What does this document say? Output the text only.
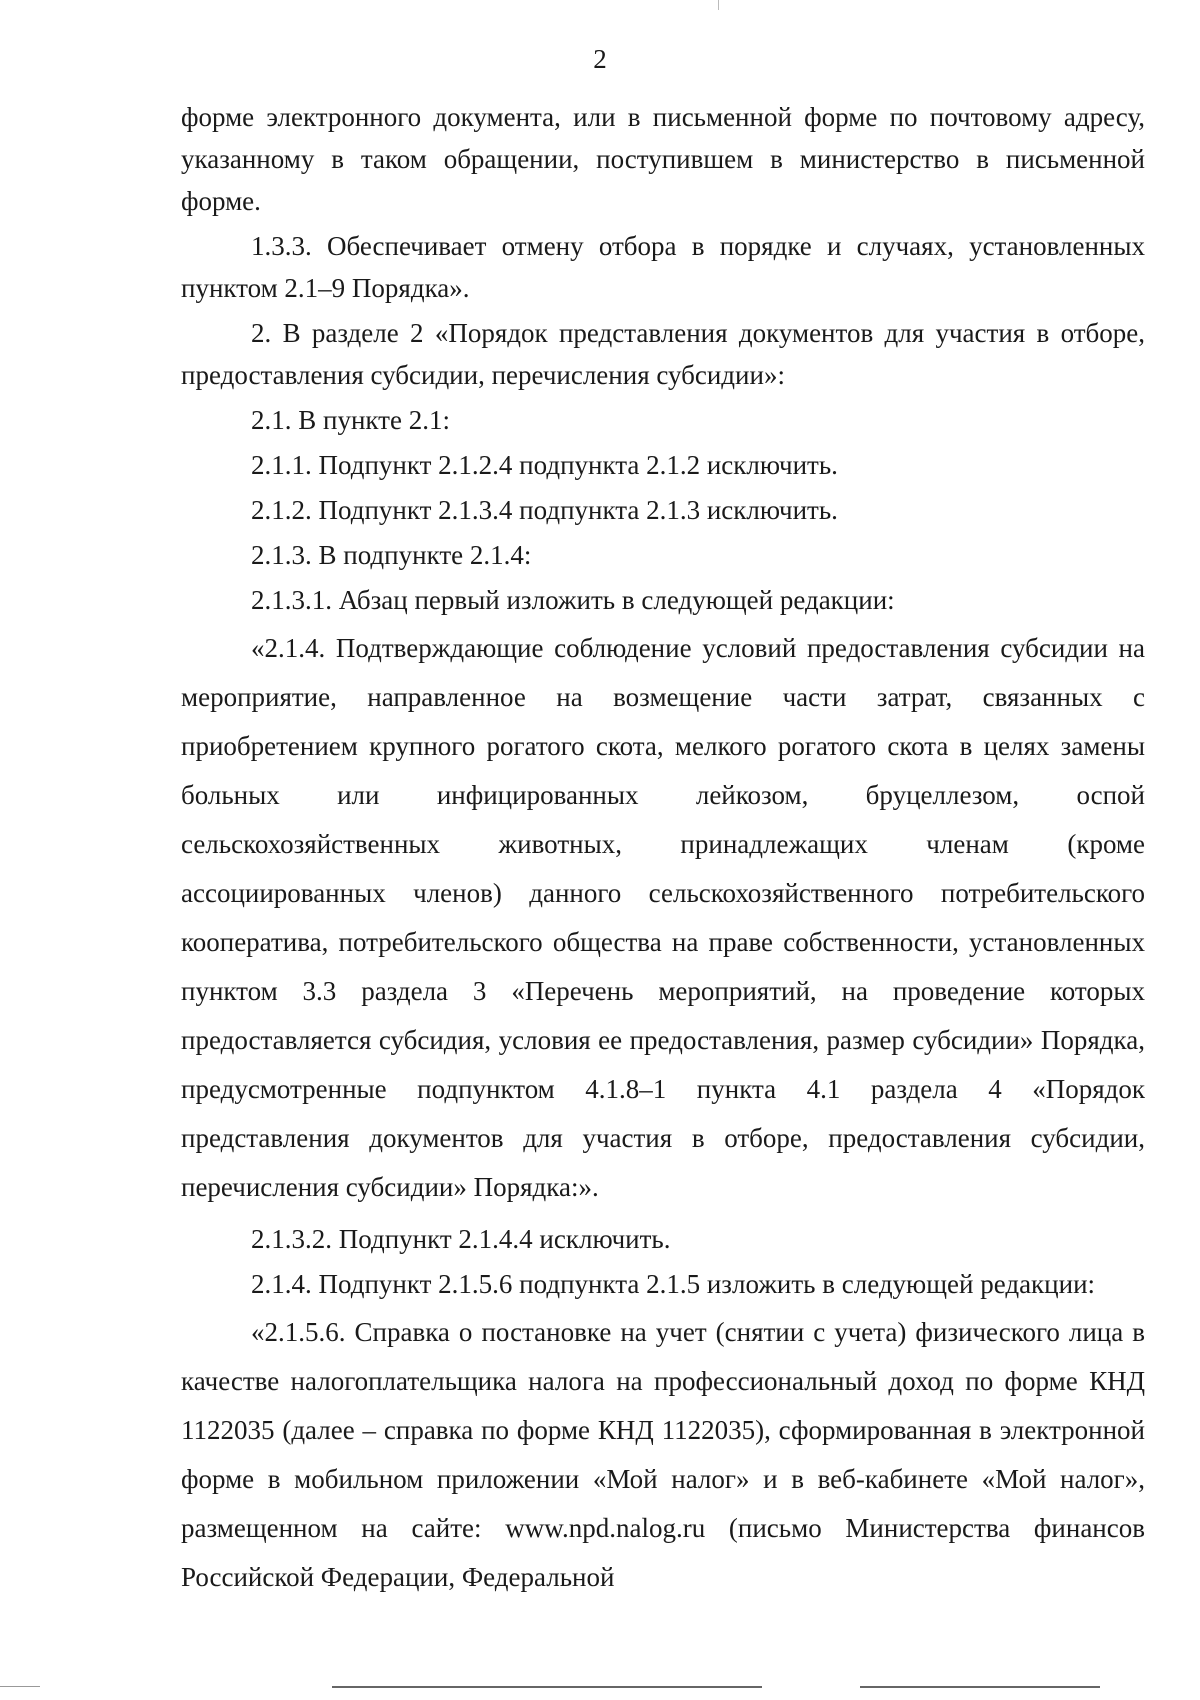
2

форме электронного документа, или в письменной форме по почтовому адресу, указанному в таком обращении, поступившем в министерство в письменной форме.

1.3.3. Обеспечивает отмену отбора в порядке и случаях, установленных пунктом 2.1–9 Порядка».

2. В разделе 2 «Порядок представления документов для участия в отборе, предоставления субсидии, перечисления субсидии»:

2.1. В пункте 2.1:

2.1.1. Подпункт 2.1.2.4 подпункта 2.1.2 исключить.

2.1.2. Подпункт 2.1.3.4 подпункта 2.1.3 исключить.

2.1.3. В подпункте 2.1.4:

2.1.3.1. Абзац первый изложить в следующей редакции:

«2.1.4. Подтверждающие соблюдение условий предоставления субсидии на мероприятие, направленное на возмещение части затрат, связанных с приобретением крупного рогатого скота, мелкого рогатого скота в целях замены больных или инфицированных лейкозом, бруцеллезом, оспой сельскохозяйственных животных, принадлежащих членам (кроме ассоциированных членов) данного сельскохозяйственного потребительского кооператива, потребительского общества на праве собственности, установленных пунктом 3.3 раздела 3 «Перечень мероприятий, на проведение которых предоставляется субсидия, условия ее предоставления, размер субсидии» Порядка, предусмотренные подпунктом 4.1.8–1 пункта 4.1 раздела 4 «Порядок представления документов для участия в отборе, предоставления субсидии, перечисления субсидии» Порядка:».

2.1.3.2. Подпункт 2.1.4.4 исключить.

2.1.4. Подпункт 2.1.5.6 подпункта 2.1.5 изложить в следующей редакции:

«2.1.5.6. Справка о постановке на учет (снятии с учета) физического лица в качестве налогоплательщика налога на профессиональный доход по форме КНД 1122035 (далее – справка по форме КНД 1122035), сформированная в электронной форме в мобильном приложении «Мой налог» и в веб-кабинете «Мой налог», размещенном на сайте: www.npd.nalog.ru (письмо Министерства финансов Российской Федерации, Федеральной
